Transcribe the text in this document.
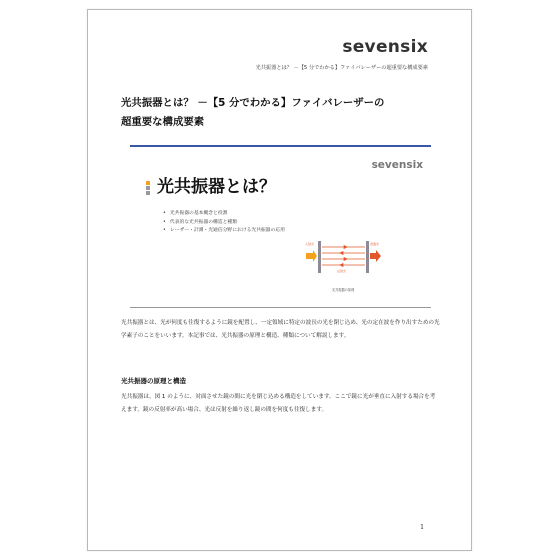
sevensix
光共振器とは？ －【5 分でわかる】ファイバレーザーの超重要な構成要素
光共振器とは？ －【5 分でわかる】ファイバレーザーの
超重要な構成要素
sevensix
光共振器とは？
• 光共振器の基本概念と役割
• 代表的な光共振器の構造と種類
• レーザー・計測・光通信分野における光共振器の応用
入射光	透過光
反射光
光共振器の原理
光共振器とは、光が何度も往復するように鏡を配置し、一定領域に特定の波長の光を閉じ込め、光の定在波を作り出すための光学素子のことをいいます。本記事では、光共振器の原理と構造、種類について解説します。
光共振器の原理と構造
光共振器は、図 1 のように、対面させた鏡の間に光を閉じ込める構造をしています。ここで鏡に光が垂直に入射する場合を考えます。鏡の反射率が高い場合、光は反射を繰り返し鏡の間を何度も往復します。
1
